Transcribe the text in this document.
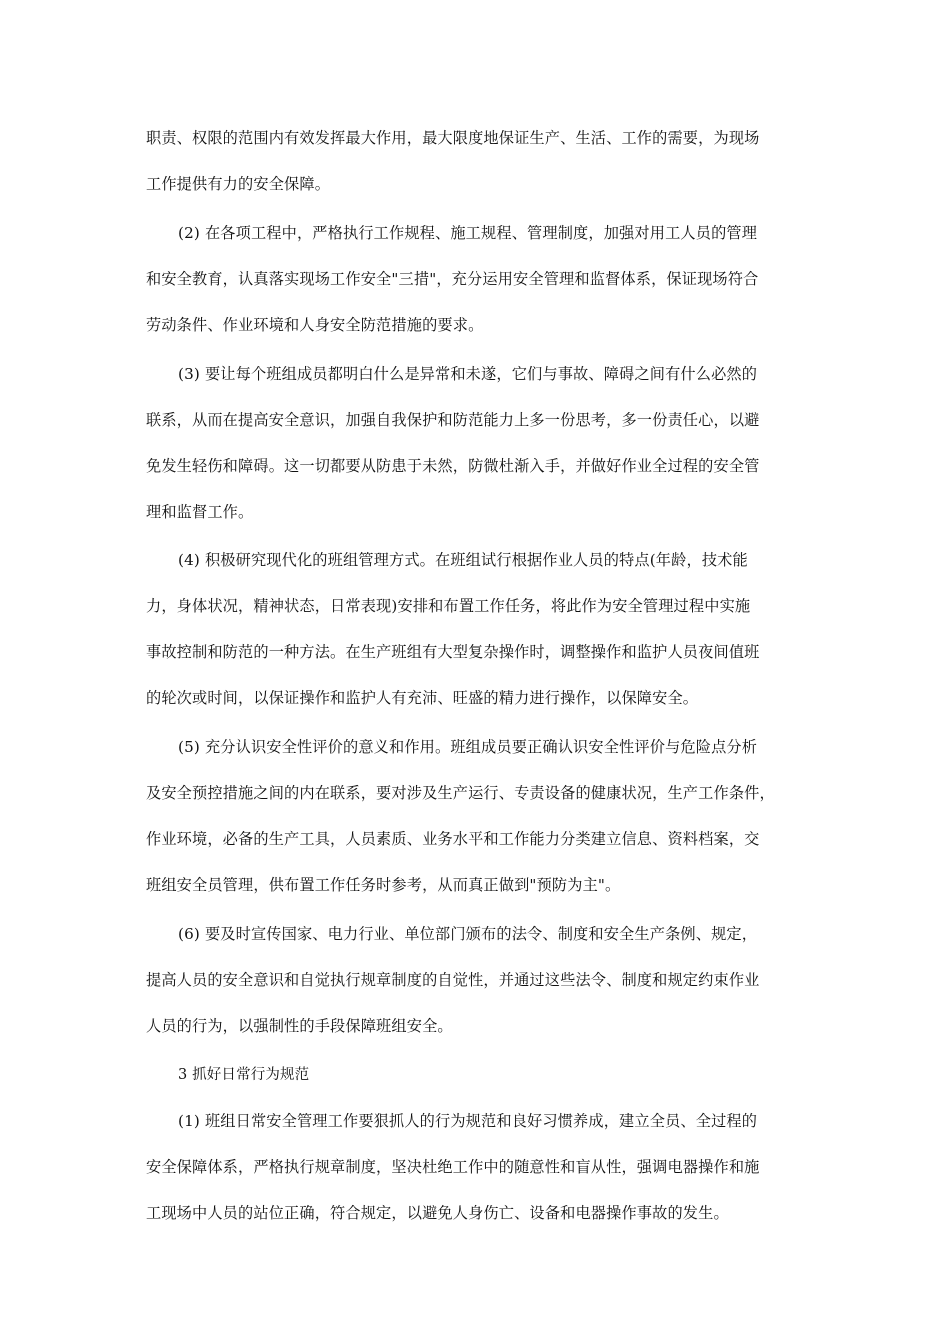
职责、权限的范围内有效发挥最大作用，最大限度地保证生产、生活、工作的需要，为现场
工作提供有力的安全保障。
(2) 在各项工程中，严格执行工作规程、施工规程、管理制度，加强对用工人员的管理
和安全教育，认真落实现场工作安全"三措"，充分运用安全管理和监督体系，保证现场符合
劳动条件、作业环境和人身安全防范措施的要求。
(3) 要让每个班组成员都明白什么是异常和未遂，它们与事故、障碍之间有什么必然的
联系，从而在提高安全意识，加强自我保护和防范能力上多一份思考，多一份责任心，以避
免发生轻伤和障碍。这一切都要从防患于未然，防微杜渐入手，并做好作业全过程的安全管
理和监督工作。
(4) 积极研究现代化的班组管理方式。在班组试行根据作业人员的特点(年龄，技术能
力，身体状况，精神状态，日常表现)安排和布置工作任务，将此作为安全管理过程中实施
事故控制和防范的一种方法。在生产班组有大型复杂操作时，调整操作和监护人员夜间值班
的轮次或时间，以保证操作和监护人有充沛、旺盛的精力进行操作，以保障安全。
(5) 充分认识安全性评价的意义和作用。班组成员要正确认识安全性评价与危险点分析
及安全预控措施之间的内在联系，要对涉及生产运行、专责设备的健康状况，生产工作条件，
作业环境，必备的生产工具，人员素质、业务水平和工作能力分类建立信息、资料档案，交
班组安全员管理，供布置工作任务时参考，从而真正做到"预防为主"。
(6) 要及时宣传国家、电力行业、单位部门颁布的法令、制度和安全生产条例、规定，
提高人员的安全意识和自觉执行规章制度的自觉性，并通过这些法令、制度和规定约束作业
人员的行为，以强制性的手段保障班组安全。
3 抓好日常行为规范
(1) 班组日常安全管理工作要狠抓人的行为规范和良好习惯养成，建立全员、全过程的
安全保障体系，严格执行规章制度，坚决杜绝工作中的随意性和盲从性，强调电器操作和施
工现场中人员的站位正确，符合规定，以避免人身伤亡、设备和电器操作事故的发生。
